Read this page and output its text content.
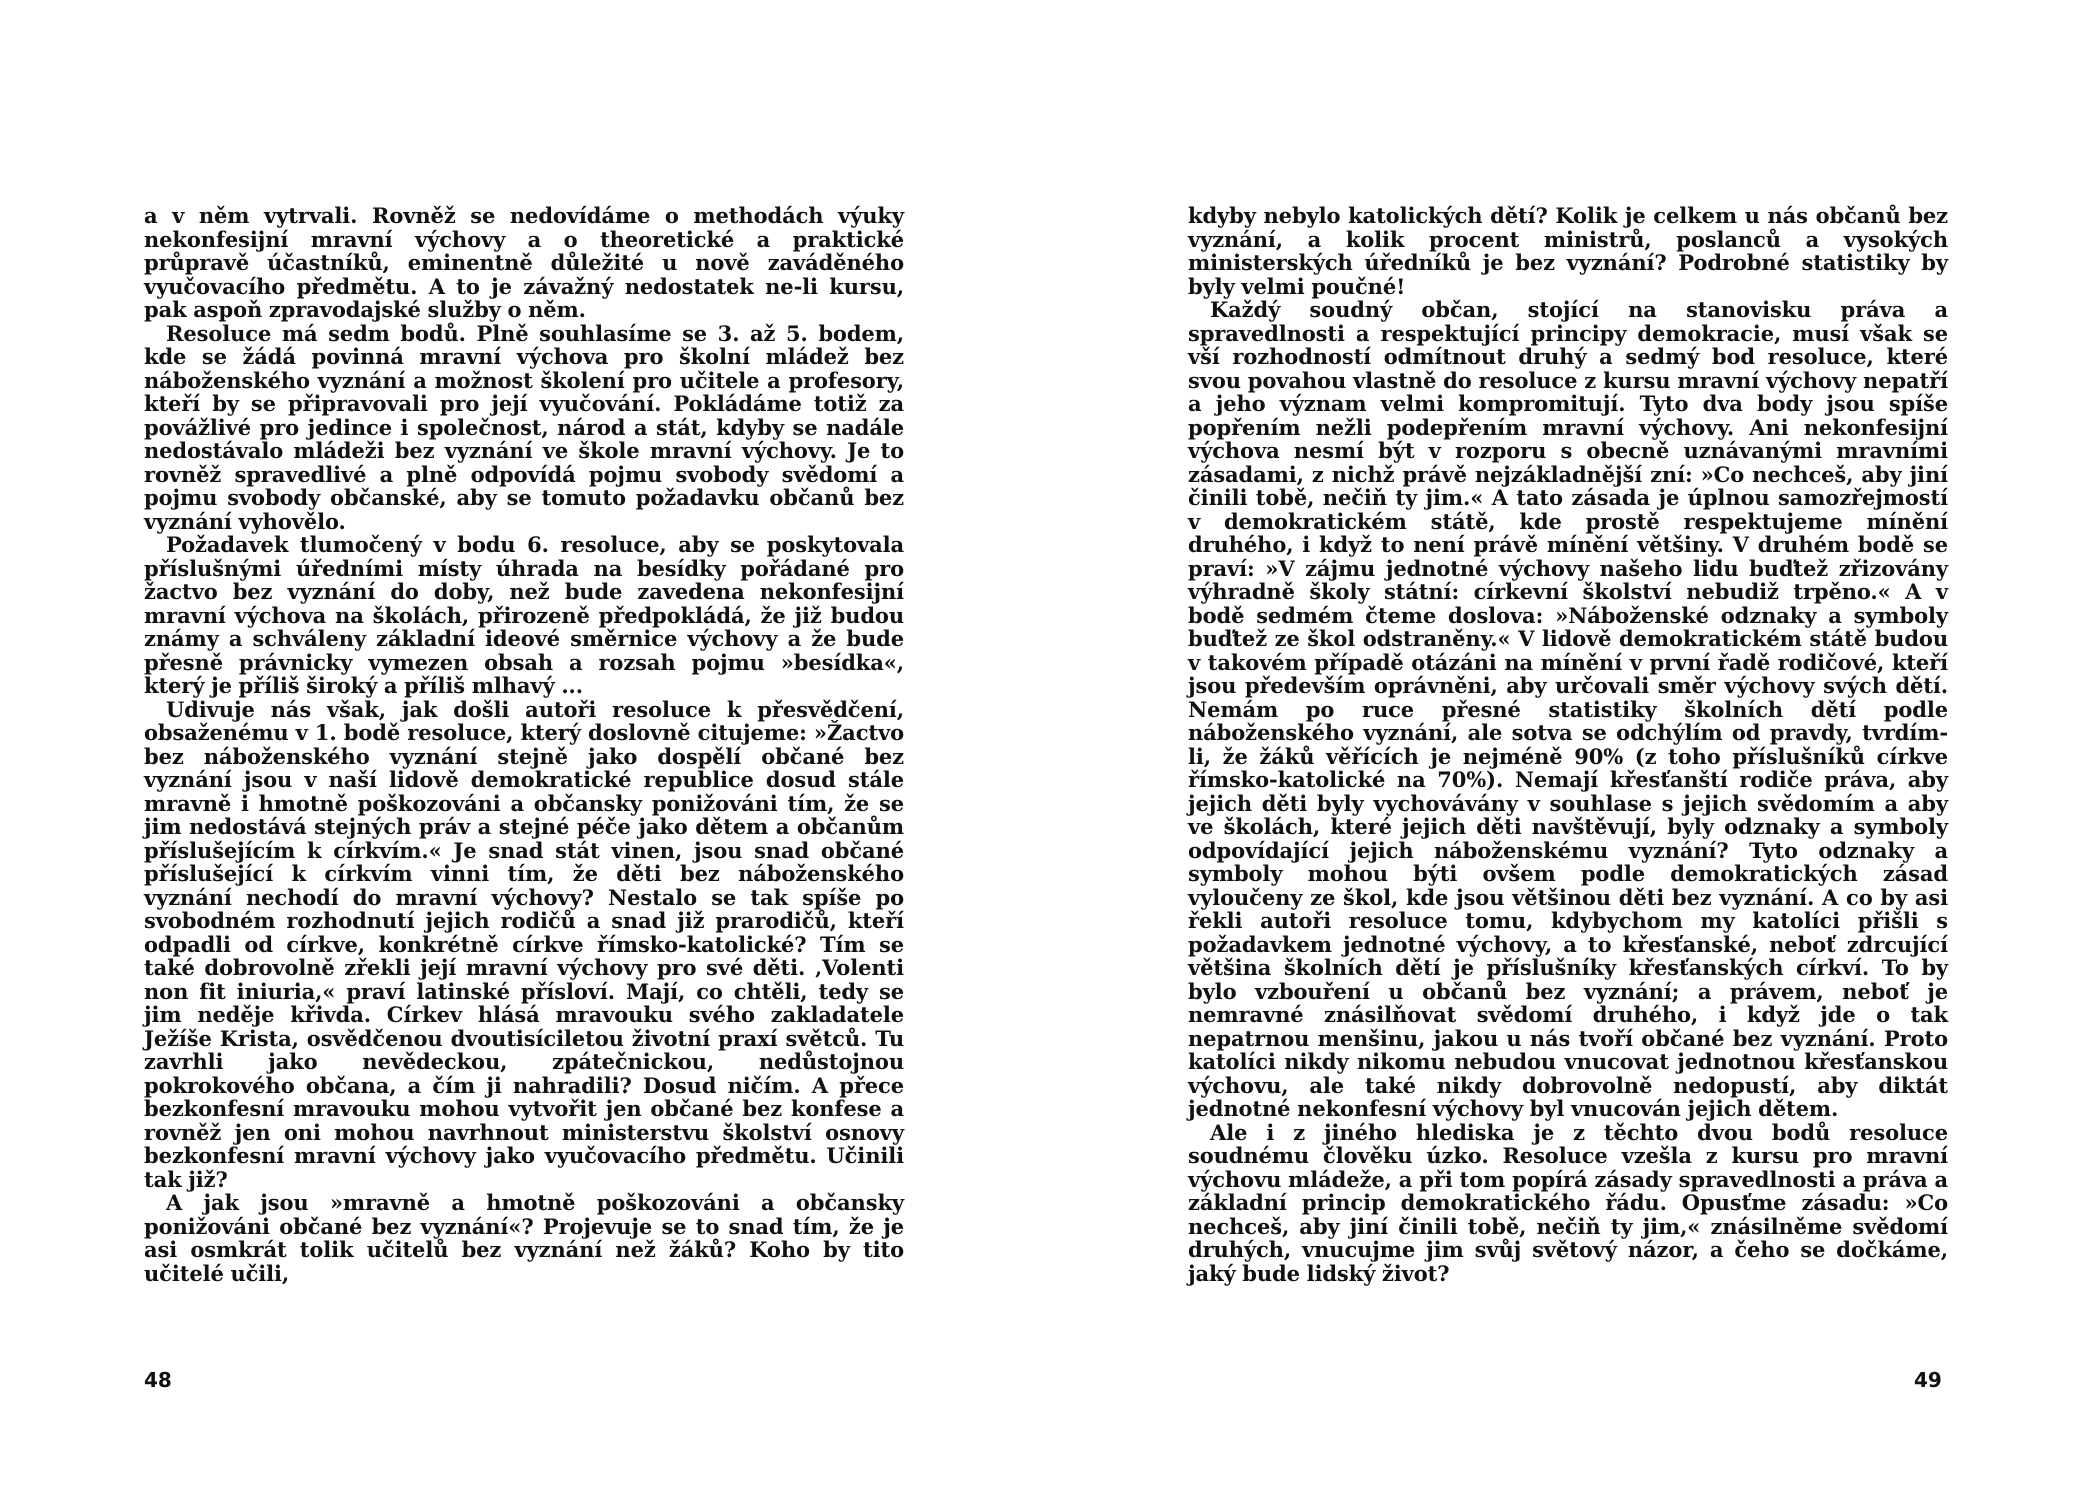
a v něm vytrvali. Rovněž se nedovídáme o methodách výuky nekonfesijní mravní výchovy a o theoretické a praktické průpravě účastníků, eminentně důležité u nově zaváděného vyučovacího předmětu. A to je závažný nedostatek ne-li kursu, pak aspoň zpravodajské služby o něm.

Resoluce má sedm bodů. Plně souhlasíme se 3. až 5. bodem, kde se žádá povinná mravní výchova pro školní mládež bez náboženského vyznání a možnost školení pro učitele a profesory, kteří by se připravovali pro její vyučování. Pokládáme totiž za povážlivé pro jedince i společnost, národ a stát, kdyby se nadále nedostávalo mládeži bez vyznání ve škole mravní výchovy. Je to rovněž spravedlivé a plně odpovídá pojmu svobody svědomí a pojmu svobody občanské, aby se tomuto požadavku občanů bez vyznání vyhovělo.

Požadavek tlumočený v bodu 6. resoluce, aby se poskytovala příslušnými úředními místy úhrada na besídky pořádané pro žactvo bez vyznání do doby, než bude zavedena nekonfesijní mravní výchova na školách, přirozeně předpokládá, že již budou známy a schváleny základní ideové směrnice výchovy a že bude přesně právnicky vymezen obsah a rozsah pojmu »besídka«, který je příliš široký a příliš mlhavý ...

Udivuje nás však, jak došli autoři resoluce k přesvědčení, obsaženému v 1. bodě resoluce, který doslovně citujeme: »Žactvo bez náboženského vyznání stejně jako dospělí občané bez vyznání jsou v naší lidově demokratické republice dosud stále mravně i hmotně poškozováni a občansky ponižováni tím, že se jim nedostává stejných práv a stejné péče jako dětem a občanům příslušejícím k církvím.« Je snad stát vinen, jsou snad občané příslušející k církvím vinni tím, že děti bez náboženského vyznání nechodí do mravní výchovy? Nestalo se tak spíše po svobodném rozhodnutí jejich rodičů a snad již prarodičů, kteří odpadli od církve, konkrétně církve římsko-katolické? Tím se také dobrovolně zřekli její mravní výchovy pro své děti. ‚Volenti non fit iniuria,« praví latinské přísloví. Mají, co chtěli, tedy se jim neděje křivda. Církev hlásá mravouku svého zakladatele Ježíše Krista, osvědčenou dvoutisíciletou životní praxí světců. Tu zavrhli jako nevědeckou, zpátečnickou, nedůstojnou pokrokového občana, a čím ji nahradili? Dosud ničím. A přece bezkonfesní mravouku mohou vytvořit jen občané bez konfese a rovněž jen oni mohou navrhnout ministerstvu školství osnovy bezkonfesní mravní výchovy jako vyučovacího předmětu. Učinili tak již?

A jak jsou »mravně a hmotně poškozováni a občansky ponižováni občané bez vyznání«? Projevuje se to snad tím, že je asi osmkrát tolik učitelů bez vyznání než žáků? Koho by tito učitelé učili,

48

kdyby nebylo katolických dětí? Kolik je celkem u nás občanů bez vyznání, a kolik procent ministrů, poslanců a vysokých ministerských úředníků je bez vyznání? Podrobné statistiky by byly velmi poučné!

Každý soudný občan, stojící na stanovisku práva a spravedlnosti a respektující principy demokracie, musí však se vší rozhodností odmítnout druhý a sedmý bod resoluce, které svou povahou vlastně do resoluce z kursu mravní výchovy nepatří a jeho význam velmi kompromitují. Tyto dva body jsou spíše popřením nežli podepřením mravní výchovy. Ani nekonfesijní výchova nesmí být v rozporu s obecně uznávanými mravními zásadami, z nichž právě nejzákladnější zní: »Co nechceš, aby jiní činili tobě, nečiň ty jim.« A tato zásada je úplnou samozřejmostí v demokratickém státě, kde prostě respektujeme mínění druhého, i když to není právě mínění většiny. V druhém bodě se praví: »V zájmu jednotné výchovy našeho lidu buďtež zřizovány výhradně školy státní: církevní školství nebudiž trpěno.« A v bodě sedmém čteme doslova: »Náboženské odznaky a symboly buďtež ze škol odstraněny.« V lidově demokratickém státě budou v takovém případě otázáni na mínění v první řadě rodičové, kteří jsou především oprávněni, aby určovali směr výchovy svých dětí. Nemám po ruce přesné statistiky školních dětí podle náboženského vyznání, ale sotva se odchýlím od pravdy, tvrdím-li, že žáků věřících je nejméně 90% (z toho příslušníků církve římsko-katolické na 70%). Nemají křesťanští rodiče práva, aby jejich děti byly vychovávány v souhlase s jejich svědomím a aby ve školách, které jejich děti navštěvují, byly odznaky a symboly odpovídající jejich náboženskému vyznání? Tyto odznaky a symboly mohou býti ovšem podle demokratických zásad vyloučeny ze škol, kde jsou většinou děti bez vyznání. A co by asi řekli autoři resoluce tomu, kdybychom my katolíci přišli s požadavkem jednotné výchovy, a to křesťanské, neboť zdrcující většina školních dětí je příslušníky křesťanských církví. To by bylo vzbouření u občanů bez vyznání; a právem, neboť je nemravné znásilňovat svědomí druhého, i když jde o tak nepatrnou menšinu, jakou u nás tvoří občané bez vyznání. Proto katolíci nikdy nikomu nebudou vnucovat jednotnou křesťanskou výchovu, ale také nikdy dobrovolně nedopustí, aby diktát jednotné nekonfesní výchovy byl vnucován jejich dětem.

Ale i z jiného hlediska je z těchto dvou bodů resoluce soudnému člověku úzko. Resoluce vzešla z kursu pro mravní výchovu mládeže, a při tom popírá zásady spravedlnosti a práva a základní princip demokratického řádu. Opusťme zásadu: »Co nechceš, aby jiní činili tobě, nečiň ty jim,« znásilněme svědomí druhých, vnucujme jim svůj světový názor, a čeho se dočkáme, jaký bude lidský život?

49
